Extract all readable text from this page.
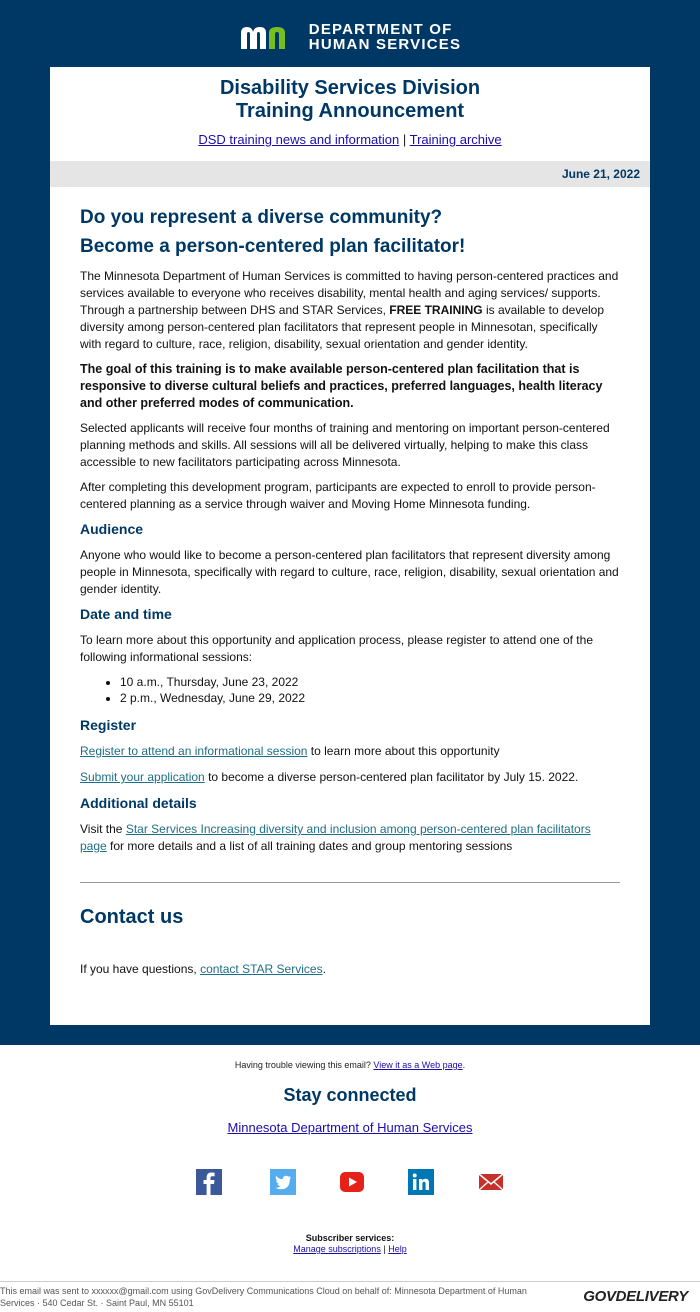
DEPARTMENT OF
HUMAN SERVICES
Disability Services Division
Training Announcement
DSD training news and information | Training archive
June 21, 2022
Do you represent a diverse community?
Become a person-centered plan facilitator!

The Minnesota Department of Human Services is committed to having person-centered practices and services available to everyone who receives disability, mental health and aging services/ supports. Through a partnership between DHS and STAR Services, FREE TRAINING is available to develop diversity among person-centered plan facilitators that represent people in Minnesotan, specifically with regard to culture, race, religion, disability, sexual orientation and gender identity.

The goal of this training is to make available person-centered plan facilitation that is responsive to diverse cultural beliefs and practices, preferred languages, health literacy and other preferred modes of communication.

Selected applicants will receive four months of training and mentoring on important person-centered planning methods and skills. All sessions will all be delivered virtually, helping to make this class accessible to new facilitators participating across Minnesota.

After completing this development program, participants are expected to enroll to provide person-centered planning as a service through waiver and Moving Home Minnesota funding.

Audience

Anyone who would like to become a person-centered plan facilitators that represent diversity among people in Minnesota, specifically with regard to culture, race, religion, disability, sexual orientation and gender identity.

Date and time

To learn more about this opportunity and application process, please register to attend one of the following informational sessions:

• 10 a.m., Thursday, June 23, 2022
• 2 p.m., Wednesday, June 29, 2022
Register

Register to attend an informational session to learn more about this opportunity

Submit your application to become a diverse person-centered plan facilitator by July 15. 2022.

Additional details

Visit the Star Services Increasing diversity and inclusion among person-centered plan facilitators page for more details and a list of all training dates and group mentoring sessions

Contact us

If you have questions, contact STAR Services.

Having trouble viewing this email? View it as a Web page.
Stay connected
Minnesota Department of Human Services
Subscriber services:
Manage subscriptions | Help
This email was sent to xxxxxx@gmail.com using GovDelivery Communications Cloud on behalf of: Minnesota Department of Human Services · 540 Cedar St. · Saint Paul, MN 55101	GOVDELIVERY
